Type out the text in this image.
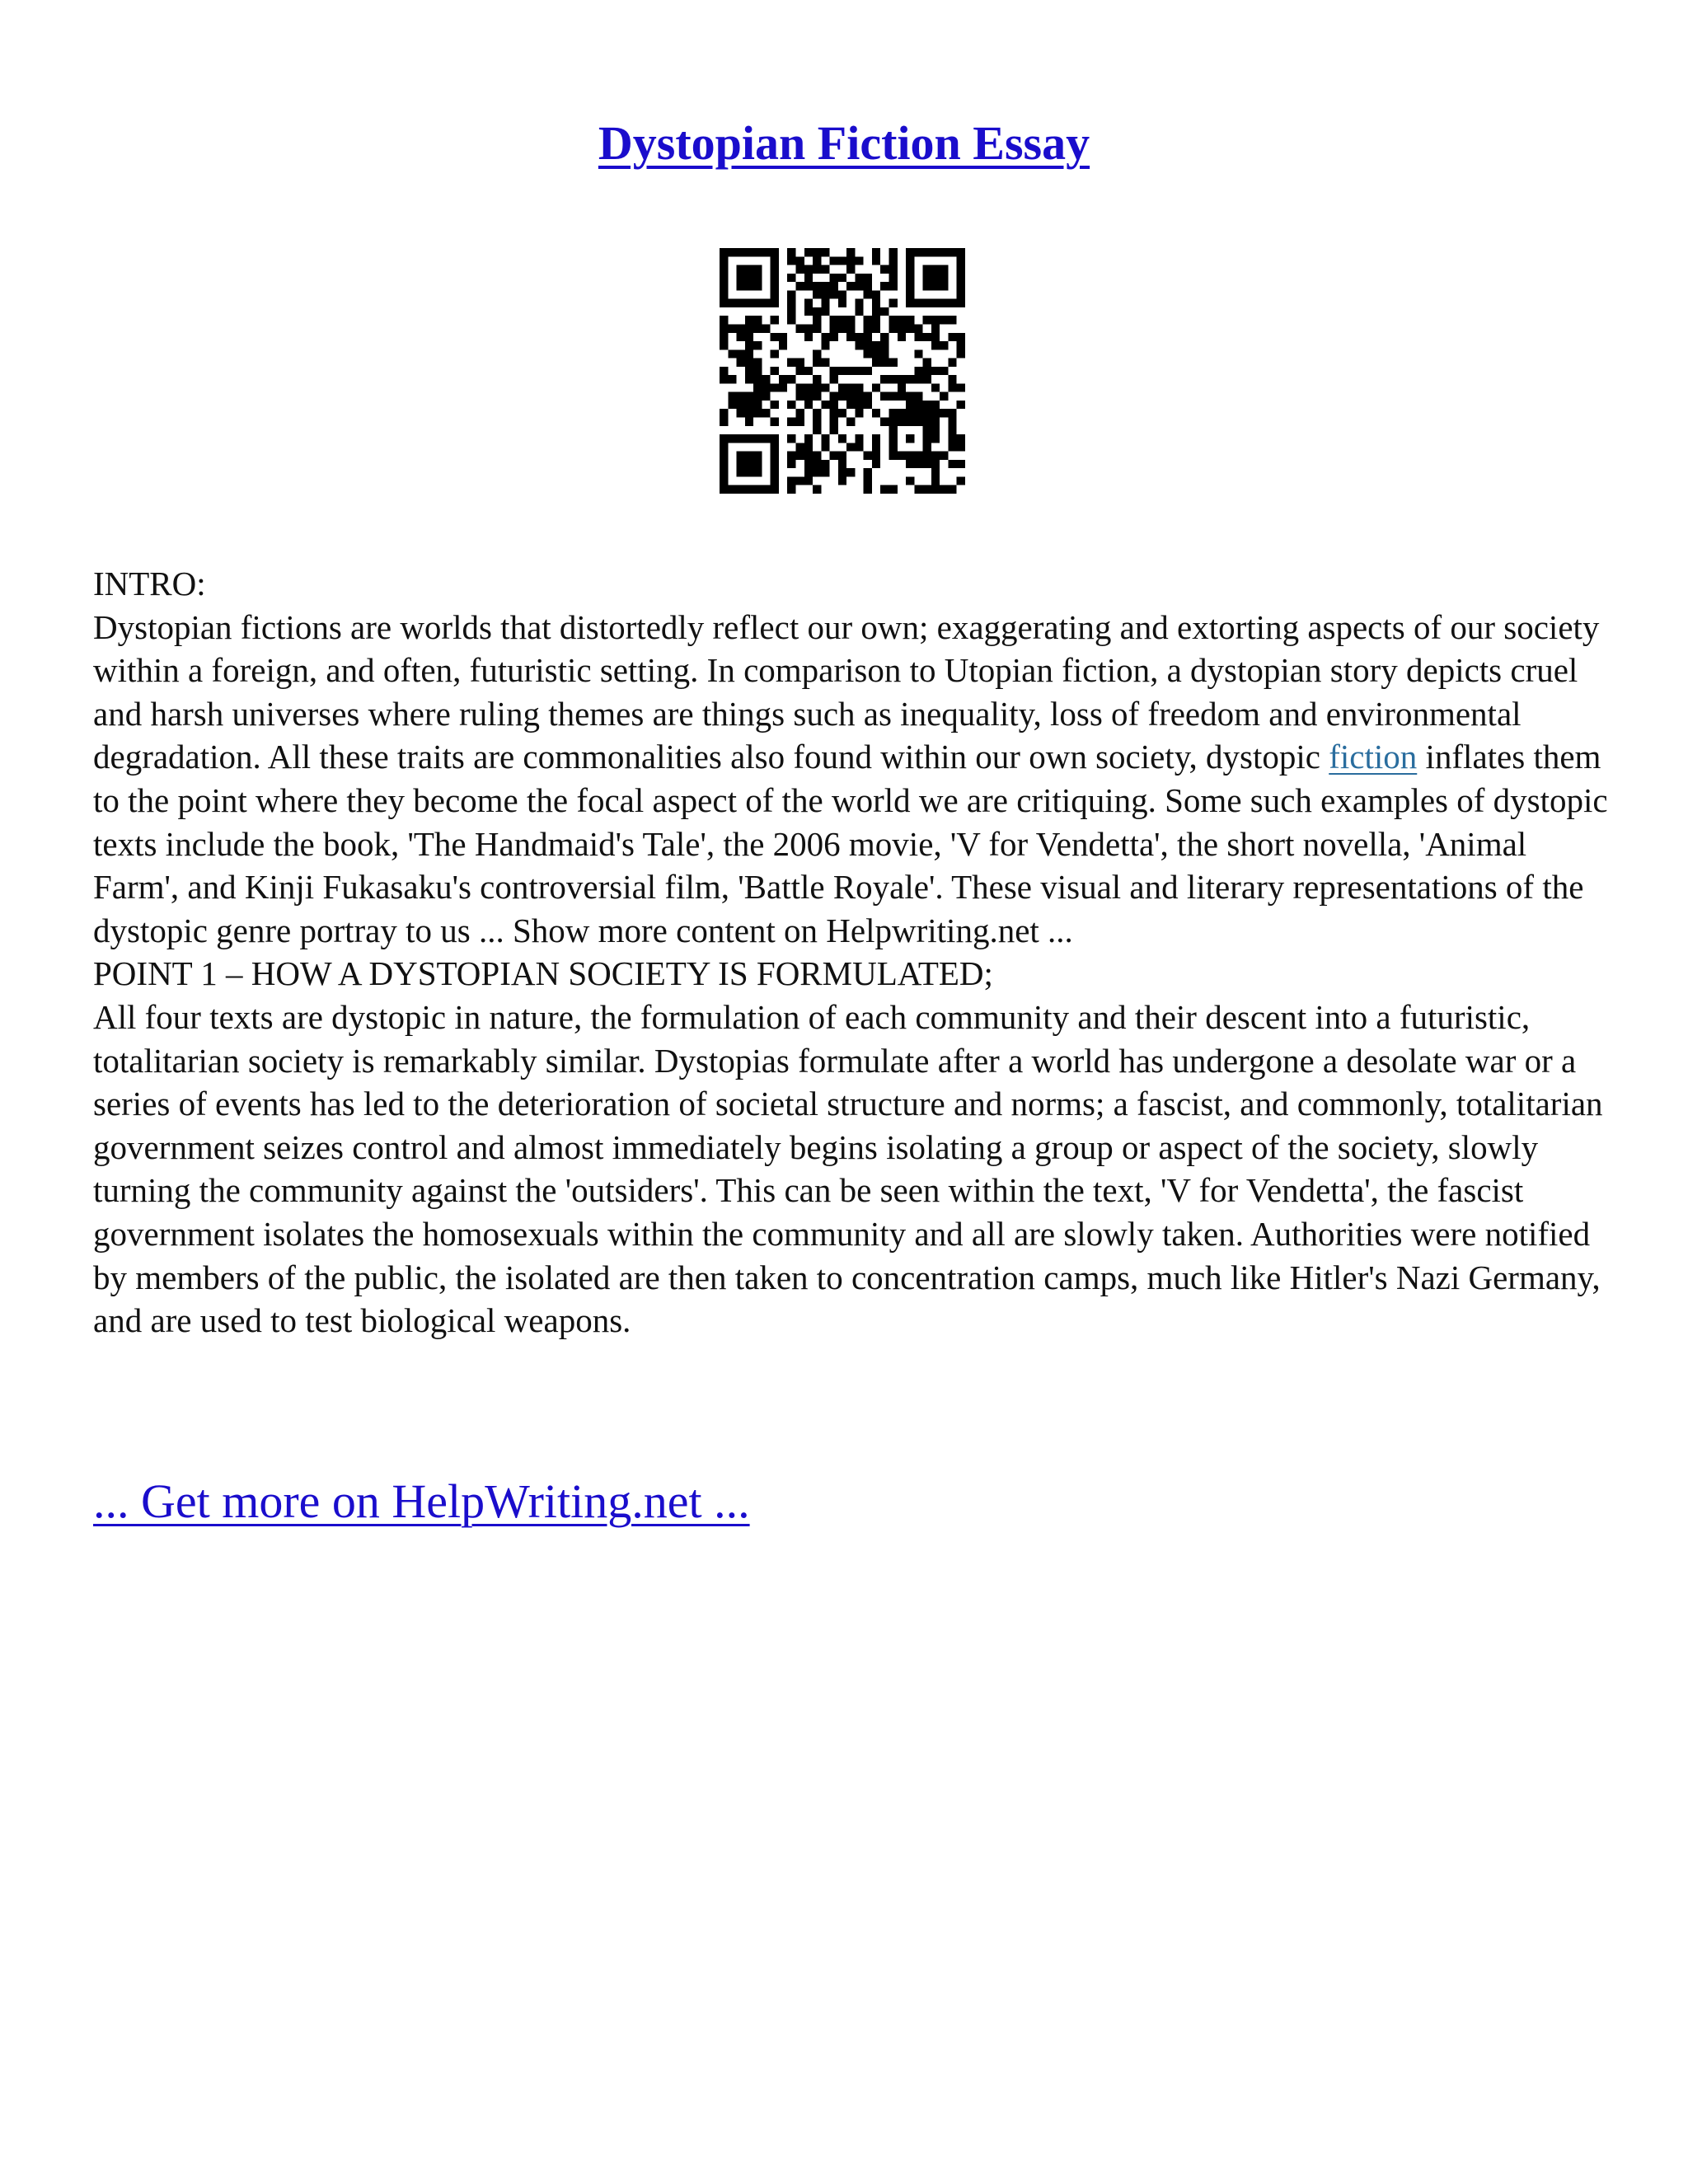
Dystopian Fiction Essay

INTRO:

Dystopian fictions are worlds that distortedly reflect our own; exaggerating and extorting aspects of our society within a foreign, and often, futuristic setting. In comparison to Utopian fiction, a dystopian story depicts cruel and harsh universes where ruling themes are things such as inequality, loss of freedom and environmental degradation. All these traits are commonalities also found within our own society, dystopic fiction inflates them to the point where they become the focal aspect of the world we are critiquing. Some such examples of dystopic texts include the book, 'The Handmaid's Tale', the 2006 movie, 'V for Vendetta', the short novella, 'Animal Farm', and Kinji Fukasaku's controversial film, 'Battle Royale'. These visual and literary representations of the dystopic genre portray to us ... Show more content on Helpwriting.net ...

POINT 1 – HOW A DYSTOPIAN SOCIETY IS FORMULATED;

All four texts are dystopic in nature, the formulation of each community and their descent into a futuristic, totalitarian society is remarkably similar. Dystopias formulate after a world has undergone a desolate war or a series of events has led to the deterioration of societal structure and norms; a fascist, and commonly, totalitarian government seizes control and almost immediately begins isolating a group or aspect of the society, slowly turning the community against the 'outsiders'. This can be seen within the text, 'V for Vendetta', the fascist government isolates the homosexuals within the community and all are slowly taken. Authorities were notified by members of the public, the isolated are then taken to concentration camps, much like Hitler's Nazi Germany, and are used to test biological weapons.

... Get more on HelpWriting.net ...
